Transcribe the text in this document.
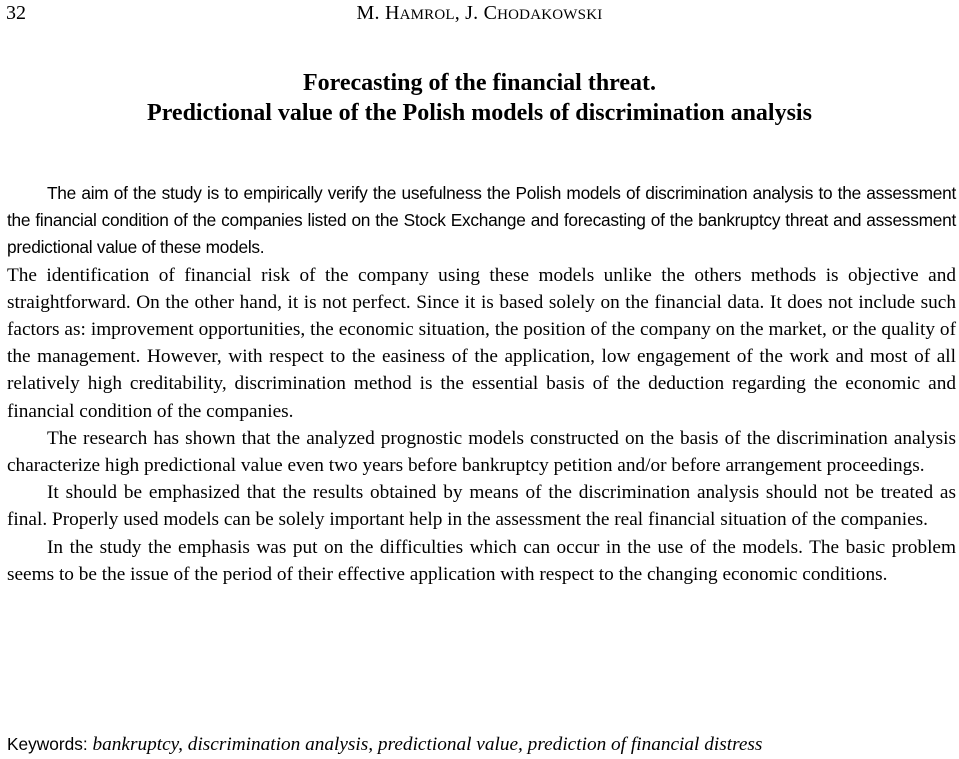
32	M. HAMROL, J. CHODAKOWSKI
Forecasting of the financial threat.
Predictional value of the Polish models of discrimination analysis

The aim of the study is to empirically verify the usefulness the Polish models of discrimination analysis to the assessment the financial condition of the companies listed on the Stock Exchange and forecasting of the bankruptcy threat and assessment predictional value of these models.

The identification of financial risk of the company using these models unlike the others methods is objective and straightforward. On the other hand, it is not perfect. Since it is based solely on the financial data. It does not include such factors as: improvement opportunities, the economic situation, the position of the company on the market, or the quality of the management. However, with respect to the easiness of the application, low engagement of the work and most of all relatively high creditability, discrimination method is the essential basis of the deduction regarding the economic and financial condition of the companies.

The research has shown that the analyzed prognostic models constructed on the basis of the discrimination analysis characterize high predictional value even two years before bankruptcy petition and/or before arrangement proceedings.

It should be emphasized that the results obtained by means of the discrimination analysis should not be treated as final. Properly used models can be solely important help in the assessment the real financial situation of the companies.

In the study the emphasis was put on the difficulties which can occur in the use of the models. The basic problem seems to be the issue of the period of their effective application with respect to the changing economic conditions.

Keywords: bankruptcy, discrimination analysis, predictional value, prediction of financial distress
